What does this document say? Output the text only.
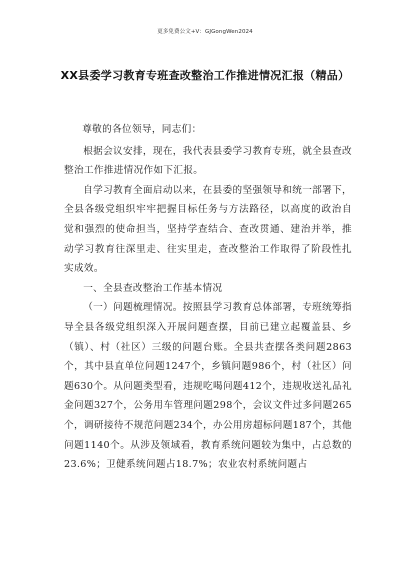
更多免费公文+V：GJGongWen2024
XX县委学习教育专班查改整治工作推进情况汇报（精品）

尊敬的各位领导，同志们：

根据会议安排，现在，我代表县委学习教育专班，就全县查改整治工作推进情况作如下汇报。

自学习教育全面启动以来，在县委的坚强领导和统一部署下，全县各级党组织牢牢把握目标任务与方法路径，以高度的政治自觉和强烈的使命担当，坚持学查结合、查改贯通、建治并举，推动学习教育往深里走、往实里走，查改整治工作取得了阶段性扎实成效。

一、全县查改整治工作基本情况

（一）问题梳理情况。按照县学习教育总体部署，专班统筹指导全县各级党组织深入开展问题查摆，目前已建立起覆盖县、乡（镇）、村（社区）三级的问题台账。全县共查摆各类问题2863个，其中县直单位问题1247个，乡镇问题986个，村（社区）问题630个。从问题类型看，违规吃喝问题412个，违规收送礼品礼金问题327个，公务用车管理问题298个，会议文件过多问题265个，调研接待不规范问题234个，办公用房超标问题187个，其他问题1140个。从涉及领域看，教育系统问题较为集中，占总数的23.6%；卫健系统问题占18.7%；农业农村系统问题占
